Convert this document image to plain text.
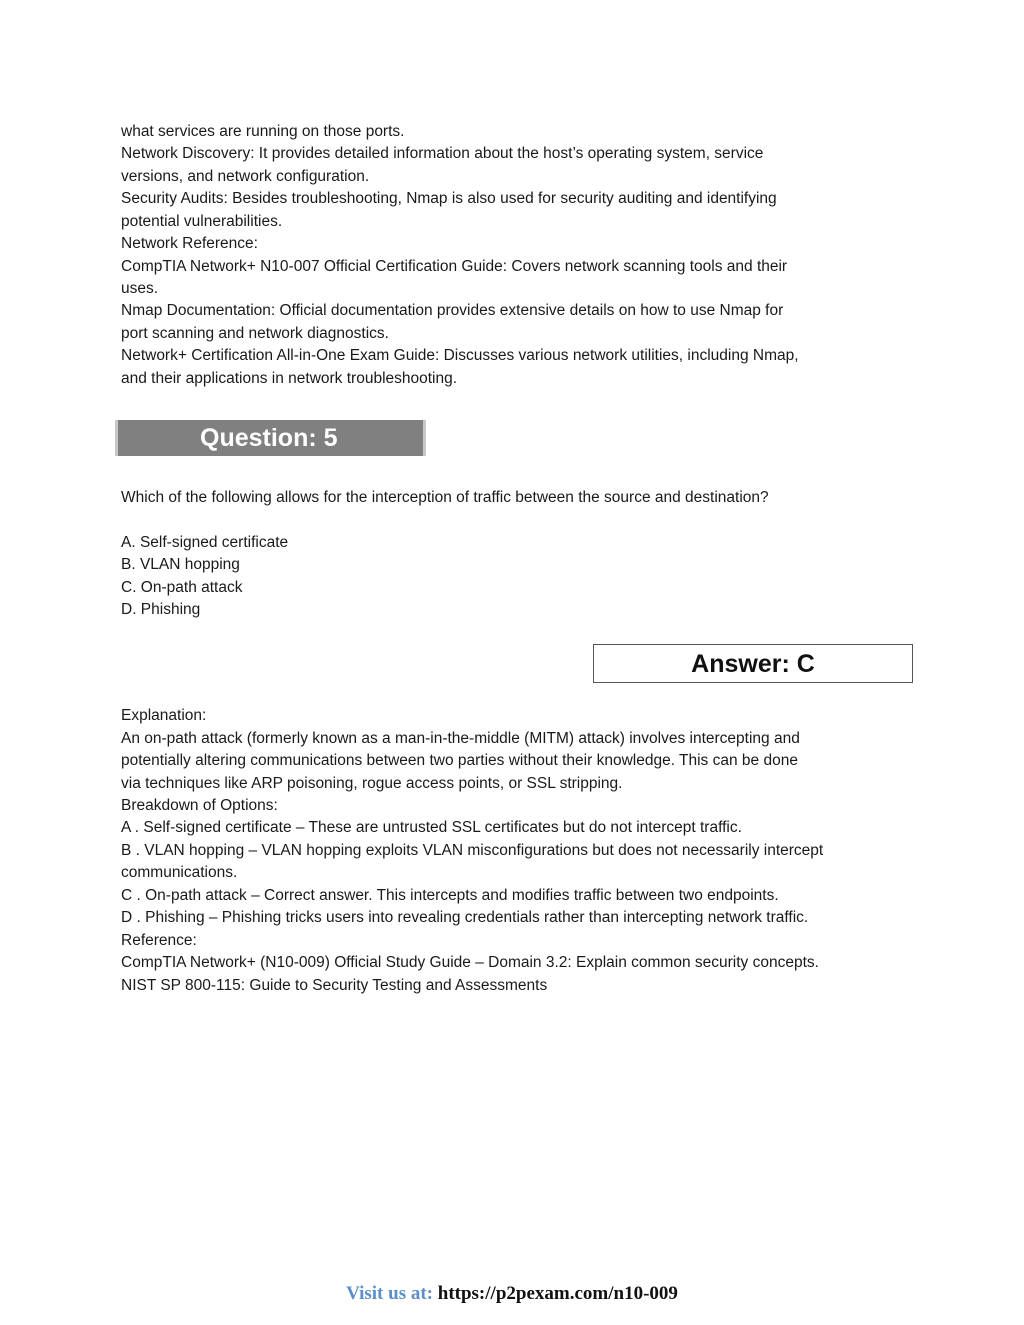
what services are running on those ports.
Network Discovery: It provides detailed information about the host’s operating system, service
versions, and network configuration.
Security Audits: Besides troubleshooting, Nmap is also used for security auditing and identifying
potential vulnerabilities.
Network Reference:
CompTIA Network+ N10-007 Official Certification Guide: Covers network scanning tools and their
uses.
Nmap Documentation: Official documentation provides extensive details on how to use Nmap for
port scanning and network diagnostics.
Network+ Certification All-in-One Exam Guide: Discusses various network utilities, including Nmap,
and their applications in network troubleshooting.
Question: 5
Which of the following allows for the interception of traffic between the source and destination?
A. Self-signed certificate
B. VLAN hopping
C. On-path attack
D. Phishing
Answer: C
Explanation:
An on-path attack (formerly known as a man-in-the-middle (MITM) attack) involves intercepting and
potentially altering communications between two parties without their knowledge. This can be done
via techniques like ARP poisoning, rogue access points, or SSL stripping.
Breakdown of Options:
A . Self-signed certificate – These are untrusted SSL certificates but do not intercept traffic.
B . VLAN hopping – VLAN hopping exploits VLAN misconfigurations but does not necessarily intercept
communications.
C . On-path attack – Correct answer. This intercepts and modifies traffic between two endpoints.
D . Phishing – Phishing tricks users into revealing credentials rather than intercepting network traffic.
Reference:
CompTIA Network+ (N10-009) Official Study Guide – Domain 3.2: Explain common security concepts.
NIST SP 800-115: Guide to Security Testing and Assessments
Visit us at: https://p2pexam.com/n10-009
